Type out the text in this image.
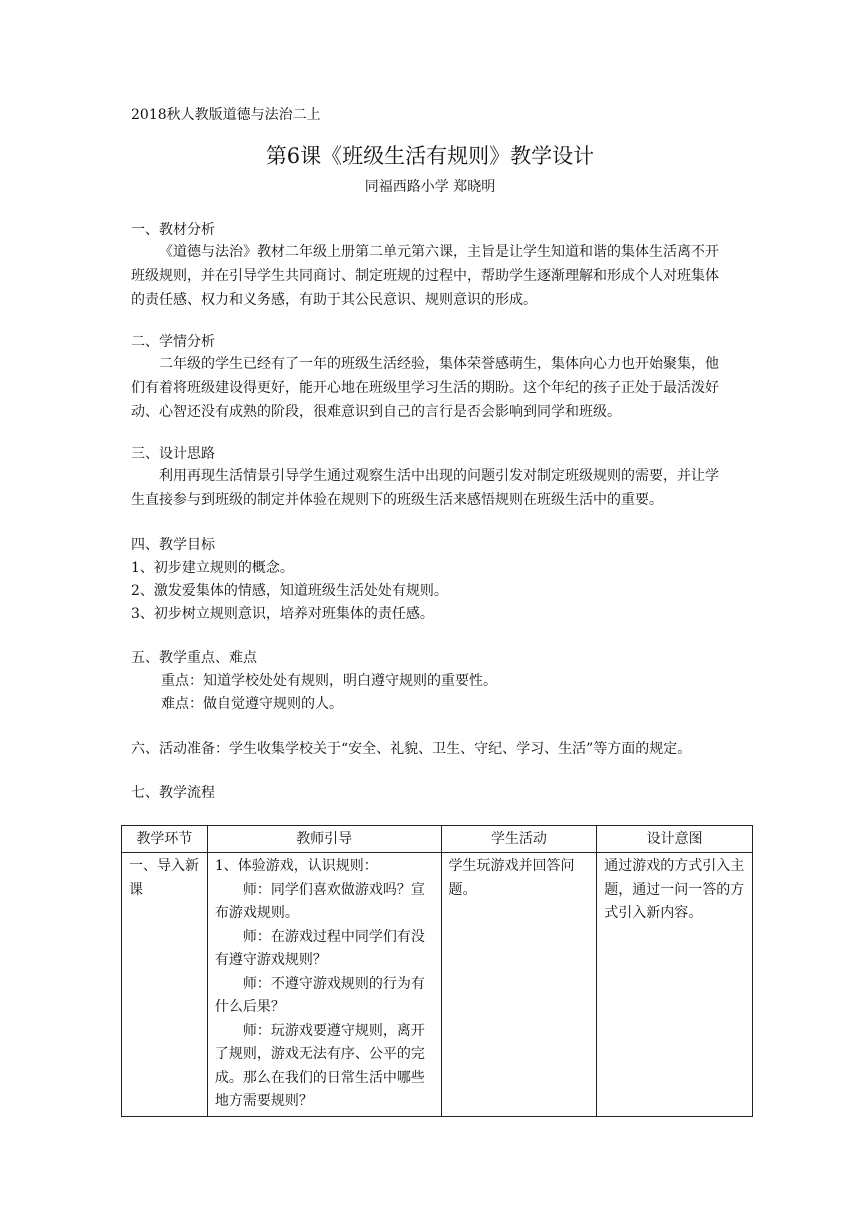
2018秋人教版道德与法治二上
第6课《班级生活有规则》教学设计
同福西路小学 郑晓明
一、教材分析
《道德与法治》教材二年级上册第二单元第六课，主旨是让学生知道和谐的集体生活离不开班级规则，并在引导学生共同商讨、制定班规的过程中，帮助学生逐渐理解和形成个人对班集体的责任感、权力和义务感，有助于其公民意识、规则意识的形成。
二、学情分析
二年级的学生已经有了一年的班级生活经验，集体荣誉感萌生，集体向心力也开始聚集，他们有着将班级建设得更好，能开心地在班级里学习生活的期盼。这个年纪的孩子正处于最活泼好动、心智还没有成熟的阶段，很难意识到自己的言行是否会影响到同学和班级。
三、设计思路
利用再现生活情景引导学生通过观察生活中出现的问题引发对制定班级规则的需要，并让学生直接参与到班级的制定并体验在规则下的班级生活来感悟规则在班级生活中的重要。
四、教学目标
1、初步建立规则的概念。
2、激发爱集体的情感，知道班级生活处处有规则。
3、初步树立规则意识，培养对班集体的责任感。
五、教学重点、难点
重点：知道学校处处有规则，明白遵守规则的重要性。
难点：做自觉遵守规则的人。
六、活动准备：学生收集学校关于“安全、礼貌、卫生、守纪、学习、生活”等方面的规定。
七、教学流程
教学环节	教师引导	学生活动	设计意图
一、导入新课	1、体验游戏，认识规则：

师：同学们喜欢做游戏吗？宣布游戏规则。

师：在游戏过程中同学们有没有遵守游戏规则？

师：不遵守游戏规则的行为有什么后果？

师：玩游戏要遵守规则，离开了规则，游戏无法有序、公平的完成。那么在我们的日常生活中哪些地方需要规则？	学生玩游戏并回答问题。	通过游戏的方式引入主题，通过一问一答的方式引入新内容。
